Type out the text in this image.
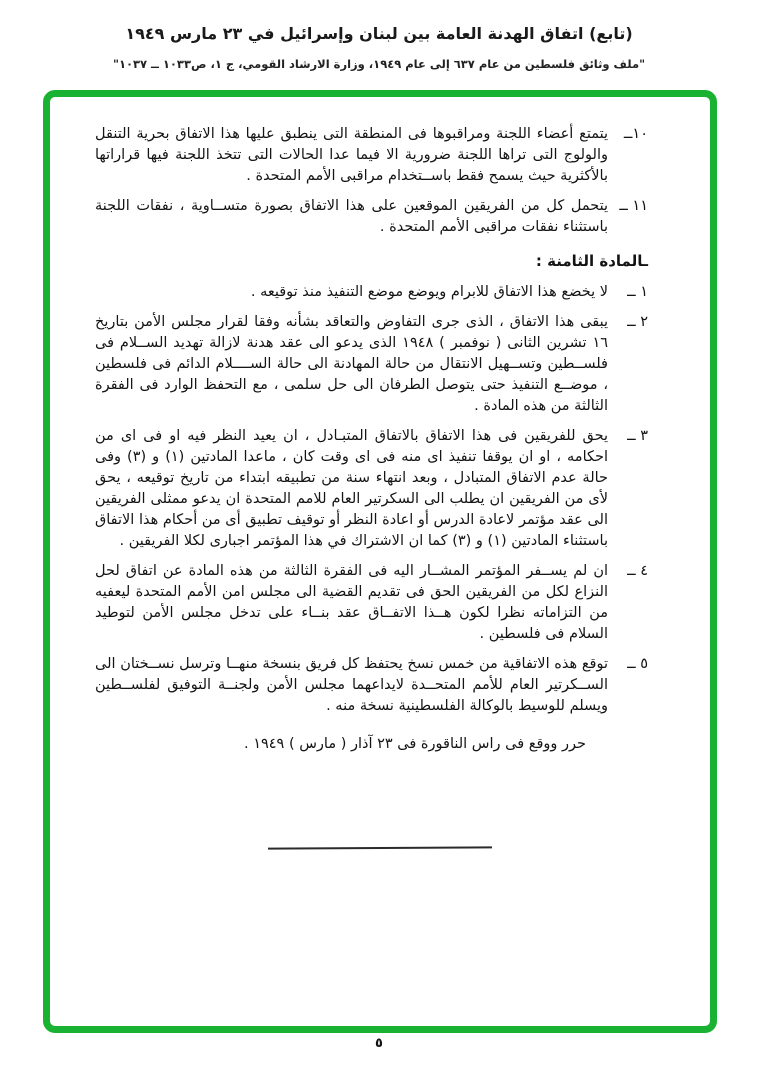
(تابع) اتفاق الهدنة العامة بين لبنان وإسرائيل في ٢٣ مارس ١٩٤٩
"ملف وثائق فلسطين من عام ٦٣٧ إلى عام ١٩٤٩، وزارة الارشاد القومي، ج ١، ص١٠٣٣ ــ ١٠٣٧"
١٠ــ
يتمتع أعضاء اللجنة ومراقبوها فى المنطقة التى ينطبق عليها هذا الاتفاق بحرية التنقل والولوج التى تراها اللجنة ضرورية الا فيما عدا الحالات التى تتخذ اللجنة فيها قراراتها بالأكثرية حيث يسمح فقط باســتخدام مراقبى الأمم المتحدة .
١١ ــ
يتحمل كل من الفريقين الموقعين على هذا الاتفاق بصورة متســاوية ، نفقات اللجنة باستثناء نفقات مراقبى الأمم المتحدة .
ـالمادة الثامنة :
١ ــ
لا يخضع هذا الاتفاق للابرام ويوضع موضع التنفيذ منذ توقيعه .
٢ ــ
يبقى هذا الاتفاق ، الذى جرى التفاوض والتعاقد بشأنه وفقا لقرار مجلس الأمن بتاريخ ١٦ تشرين الثانى ( نوفمبر ) ١٩٤٨ الذى يدعو الى عقد هدنة لازالة تهديد الســلام فى فلســطين وتســهيل الانتقال من حالة المهادنة الى حالة الســــلام الدائم فى فلسطين ، موضــع التنفيذ حتى يتوصل الطرفان الى حل سلمى ، مع التحفظ الوارد فى الفقرة الثالثة من هذه المادة .
٣ ــ
يحق للفريقين فى هذا الاتفاق بالاتفاق المتبـادل ، ان يعيد النظر فيه او فى اى من احكامه ، او ان يوقفا تنفيذ اى منه فى اى وقت كان ، ماعدا المادتين (١) و (٣) وفى حالة عدم الاتفاق المتبادل ، وبعد انتهاء سنة من تطبيقه ابتداء من تاريخ توقيعه ، يحق لأى من الفريقين ان يطلب الى السكرتير العام للامم المتحدة ان يدعو ممثلى الفريقين الى عقد مؤتمر لاعادة الدرس أو اعادة النظر أو توقيف تطبيق أى من أحكام هذا الاتفاق باستثناء المادتين (١) و (٣) كما ان الاشتراك في هذا المؤتمر اجبارى لكلا الفريقين .
٤ ــ
ان لم يســفر المؤتمر المشــار اليه فى الفقرة الثالثة من هذه المادة عن اتفاق لحل النزاع لكل من الفريقين الحق فى تقديم القضية الى مجلس امن الأمم المتحدة ليعفيه من التزاماته نظرا لكون هــذا الاتفــاق عقد بنــاء على تدخل مجلس الأمن لتوطيد السلام فى فلسطين .
٥ ــ
توقع هذه الاتفاقية من خمس نسخ يحتفظ كل فريق بنسخة منهــا وترسل نســختان الى الســكرتير العام للأمم المتحــدة لايداعهما مجلس الأمن ولجنــة التوفيق لفلســطين ويسلم للوسيط بالوكالة الفلسطينية نسخة منه .
حرر ووقع فى راس الناقورة فى ٢٣ آذار ( مارس ) ١٩٤٩ .
٥
